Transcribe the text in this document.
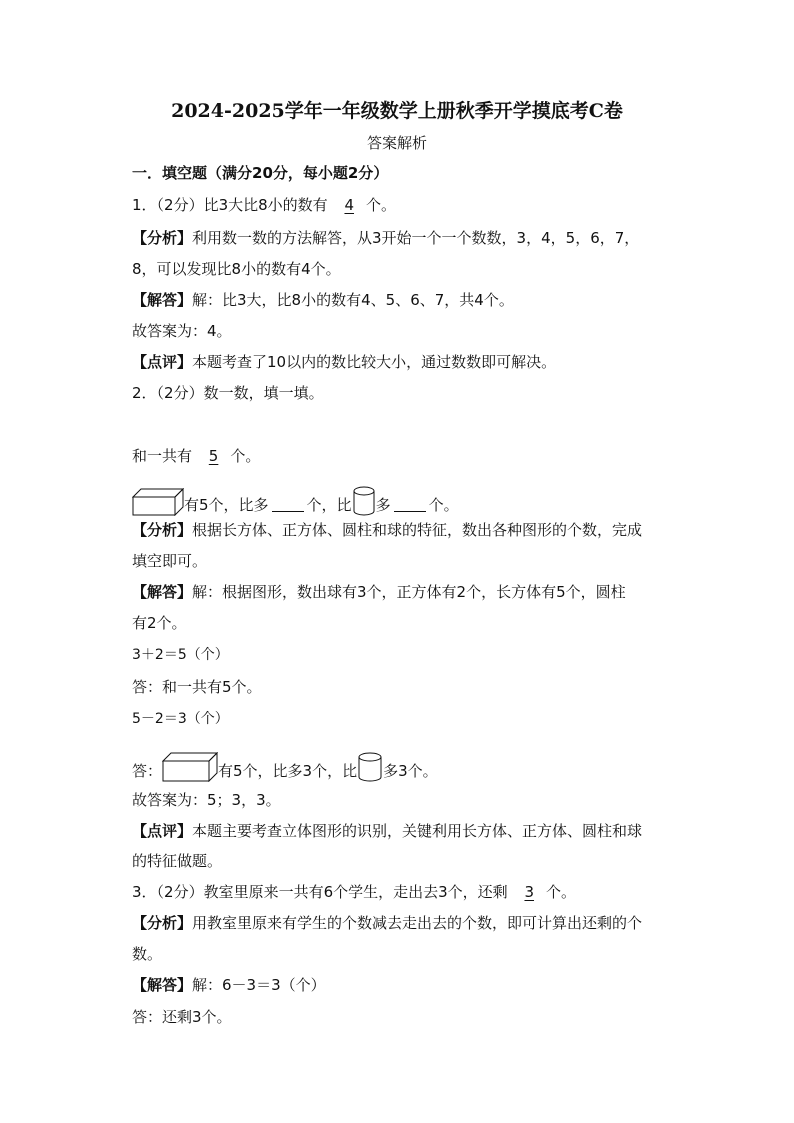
2024-2025学年一年级数学上册秋季开学摸底考C卷
答案解析
一．填空题（满分20分，每小题2分）
1．（2分）比3大比8小的数有 4 个。
【分析】利用数一数的方法解答，从3开始一个一个数数，3，4，5，6，7，
8，可以发现比8小的数有4个。
【解答】解：比3大，比8小的数有4、5、6、7，共4个。
故答案为：4。
【点评】本题考查了10以内的数比较大小，通过数数即可解决。
2．（2分）数一数，填一填。
和一共有 5 个。
有5个，比多	个，比 多	个。
【分析】根据长方体、正方体、圆柱和球的特征，数出各种图形的个数，完成
填空即可。
【解答】解：根据图形，数出球有3个，正方体有2个，长方体有5个，圆柱
有2个。
3＋2＝5（个）
答：和一共有5个。
5－2＝3（个）
答：	有5个，比多3个，比 多3个。
故答案为：5；3，3。
【点评】本题主要考查立体图形的识别，关键利用长方体、正方体、圆柱和球
的特征做题。
3．（2分）教室里原来一共有6个学生，走出去3个，还剩 3 个。
【分析】用教室里原来有学生的个数减去走出去的个数，即可计算出还剩的个
数。
【解答】解：6－3＝3（个）
答：还剩3个。
